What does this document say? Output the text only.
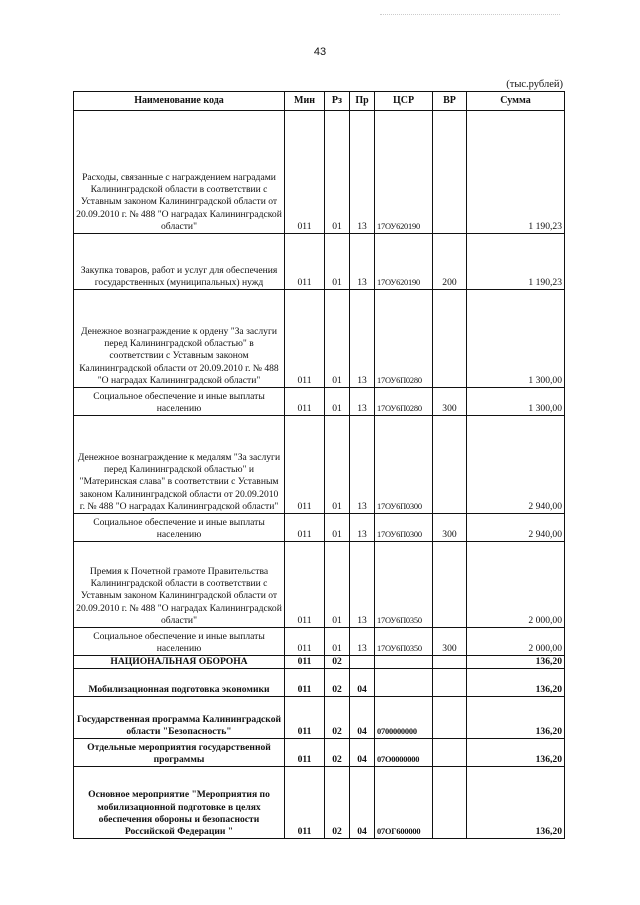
43
(тыс.рублей)
Наименование кода	Мин	Рз	Пр	ЦСР	ВР	Сумма
Расходы, связанные с награждением наградами Калининградской области в соответствии с Уставным законом Калининградской области от 20.09.2010 г. № 488 "О наградах Калининградской области"	011	01	13	17ОУ620190		1 190,23
Закупка товаров, работ и услуг для обеспечения государственных (муниципальных) нужд	011	01	13	17ОУ620190	200	1 190,23
Денежное вознаграждение к ордену "За заслуги перед Калининградской областью" в соответствии с Уставным законом Калининградской области от 20.09.2010 г. № 488 "О наградах Калининградской области"	011	01	13	17ОУ6П0280		1 300,00
Социальное обеспечение и иные выплаты населению	011	01	13	17ОУ6П0280	300	1 300,00
Денежное вознаграждение к медалям "За заслуги перед Калининградской областью" и "Материнская слава" в соответствии с Уставным законом Калининградской области от 20.09.2010 г. № 488 "О наградах Калининградской области"	011	01	13	17ОУ6П0300		2 940,00
Социальное обеспечение и иные выплаты населению	011	01	13	17ОУ6П0300	300	2 940,00
Премия к Почетной грамоте Правительства Калининградской области в соответствии с Уставным законом Калининградской области от 20.09.2010 г. № 488 "О наградах Калининградской области"	011	01	13	17ОУ6П0350		2 000,00
Социальное обеспечение и иные выплаты населению	011	01	13	17ОУ6П0350	300	2 000,00
НАЦИОНАЛЬНАЯ ОБОРОНА	011	02				136,20
Мобилизационная подготовка экономики	011	02	04			136,20
Государственная программа Калининградской области "Безопасность"	011	02	04	0700000000		136,20
Отдельные мероприятия государственной программы	011	02	04	07О0000000		136,20
Основное мероприятие "Мероприятия по мобилизационной подготовке в целях обеспечения обороны и безопасности Российской Федерации "	011	02	04	07ОГ600000		136,20
